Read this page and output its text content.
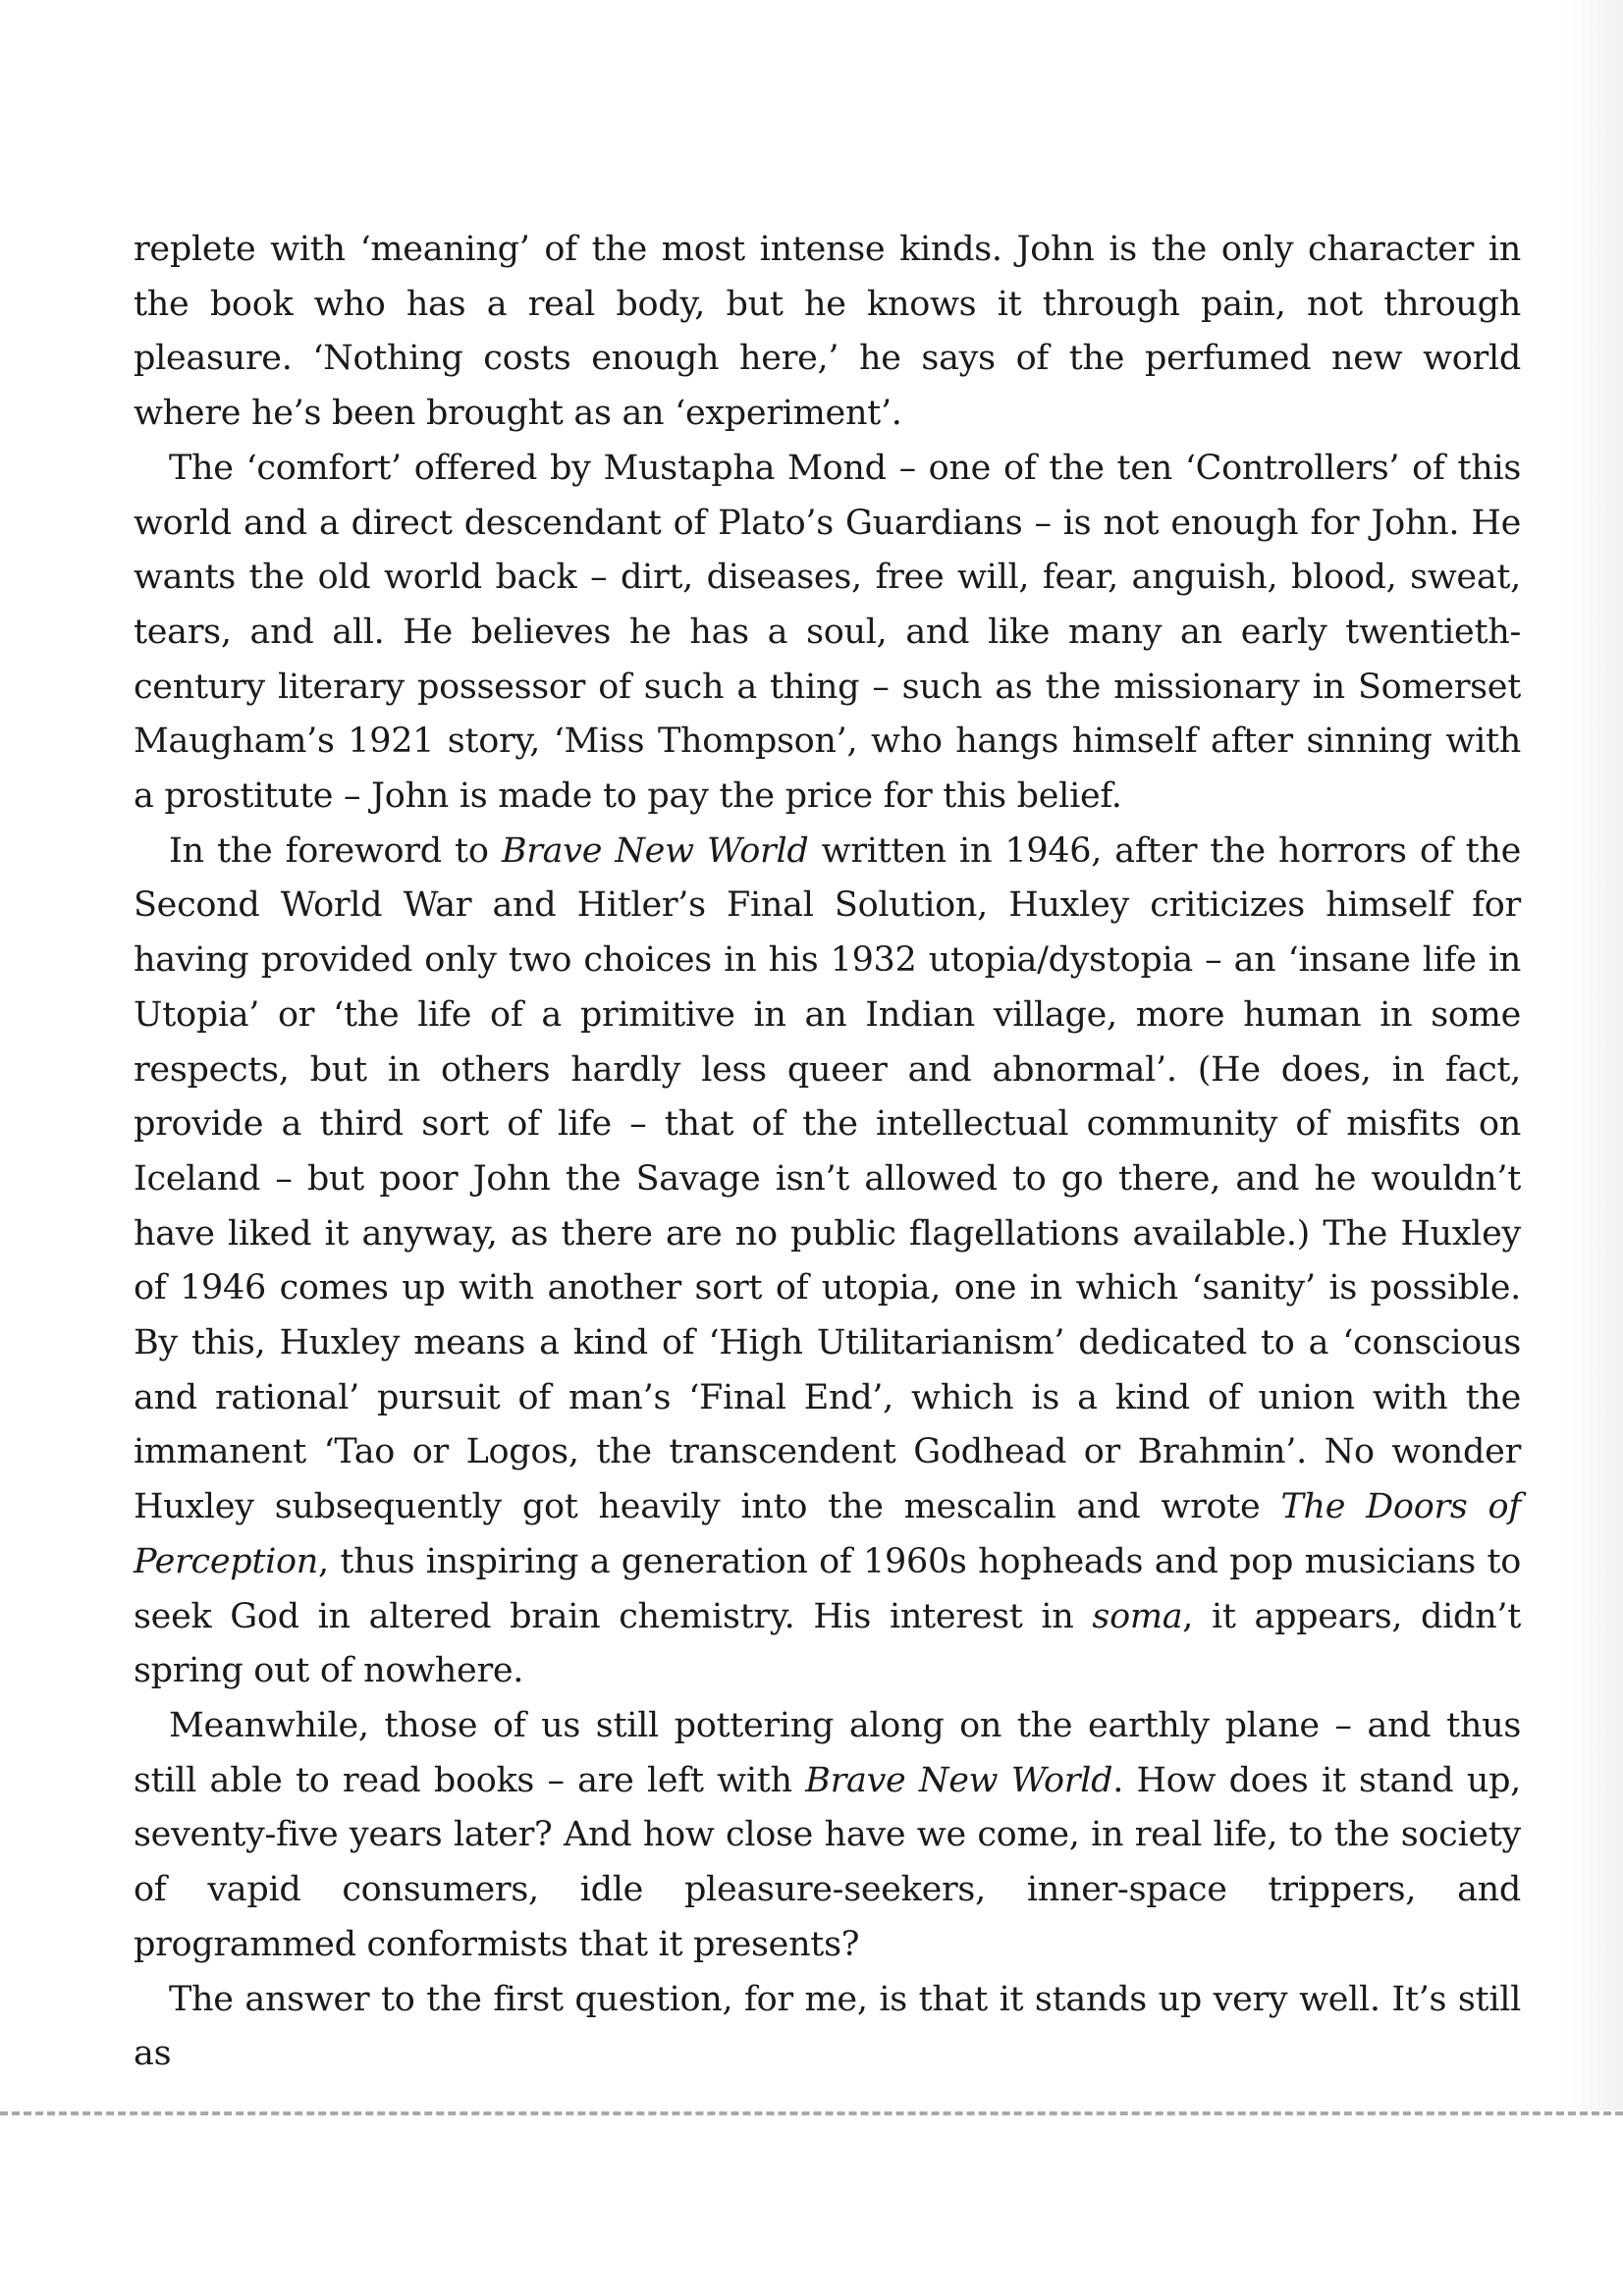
replete with ‘meaning’ of the most intense kinds. John is the only character in the book who has a real body, but he knows it through pain, not through pleasure. ‘Nothing costs enough here,’ he says of the perfumed new world where he’s been brought as an ‘experiment’.

The ‘comfort’ offered by Mustapha Mond – one of the ten ‘Controllers’ of this world and a direct descendant of Plato’s Guardians – is not enough for John. He wants the old world back – dirt, diseases, free will, fear, anguish, blood, sweat, tears, and all. He believes he has a soul, and like many an early twentieth-century literary possessor of such a thing – such as the missionary in Somerset Maugham’s 1921 story, ‘Miss Thompson’, who hangs himself after sinning with a prostitute – John is made to pay the price for this belief.

In the foreword to Brave New World written in 1946, after the horrors of the Second World War and Hitler’s Final Solution, Huxley criticizes himself for having provided only two choices in his 1932 utopia/dystopia – an ‘insane life in Utopia’ or ‘the life of a primitive in an Indian village, more human in some respects, but in others hardly less queer and abnormal’. (He does, in fact, provide a third sort of life – that of the intellectual community of misfits on Iceland – but poor John the Savage isn’t allowed to go there, and he wouldn’t have liked it anyway, as there are no public flagellations available.) The Huxley of 1946 comes up with another sort of utopia, one in which ‘sanity’ is possible. By this, Huxley means a kind of ‘High Utilitarianism’ dedicated to a ‘conscious and rational’ pursuit of man’s ‘Final End’, which is a kind of union with the immanent ‘Tao or Logos, the transcendent Godhead or Brahmin’. No wonder Huxley subsequently got heavily into the mescalin and wrote The Doors of Perception, thus inspiring a generation of 1960s hopheads and pop musicians to seek God in altered brain chemistry. His interest in soma, it appears, didn’t spring out of nowhere.

Meanwhile, those of us still pottering along on the earthly plane – and thus still able to read books – are left with Brave New World. How does it stand up, seventy-five years later? And how close have we come, in real life, to the society of vapid consumers, idle pleasure-seekers, inner-space trippers, and programmed conformists that it presents?

The answer to the first question, for me, is that it stands up very well. It’s still as
